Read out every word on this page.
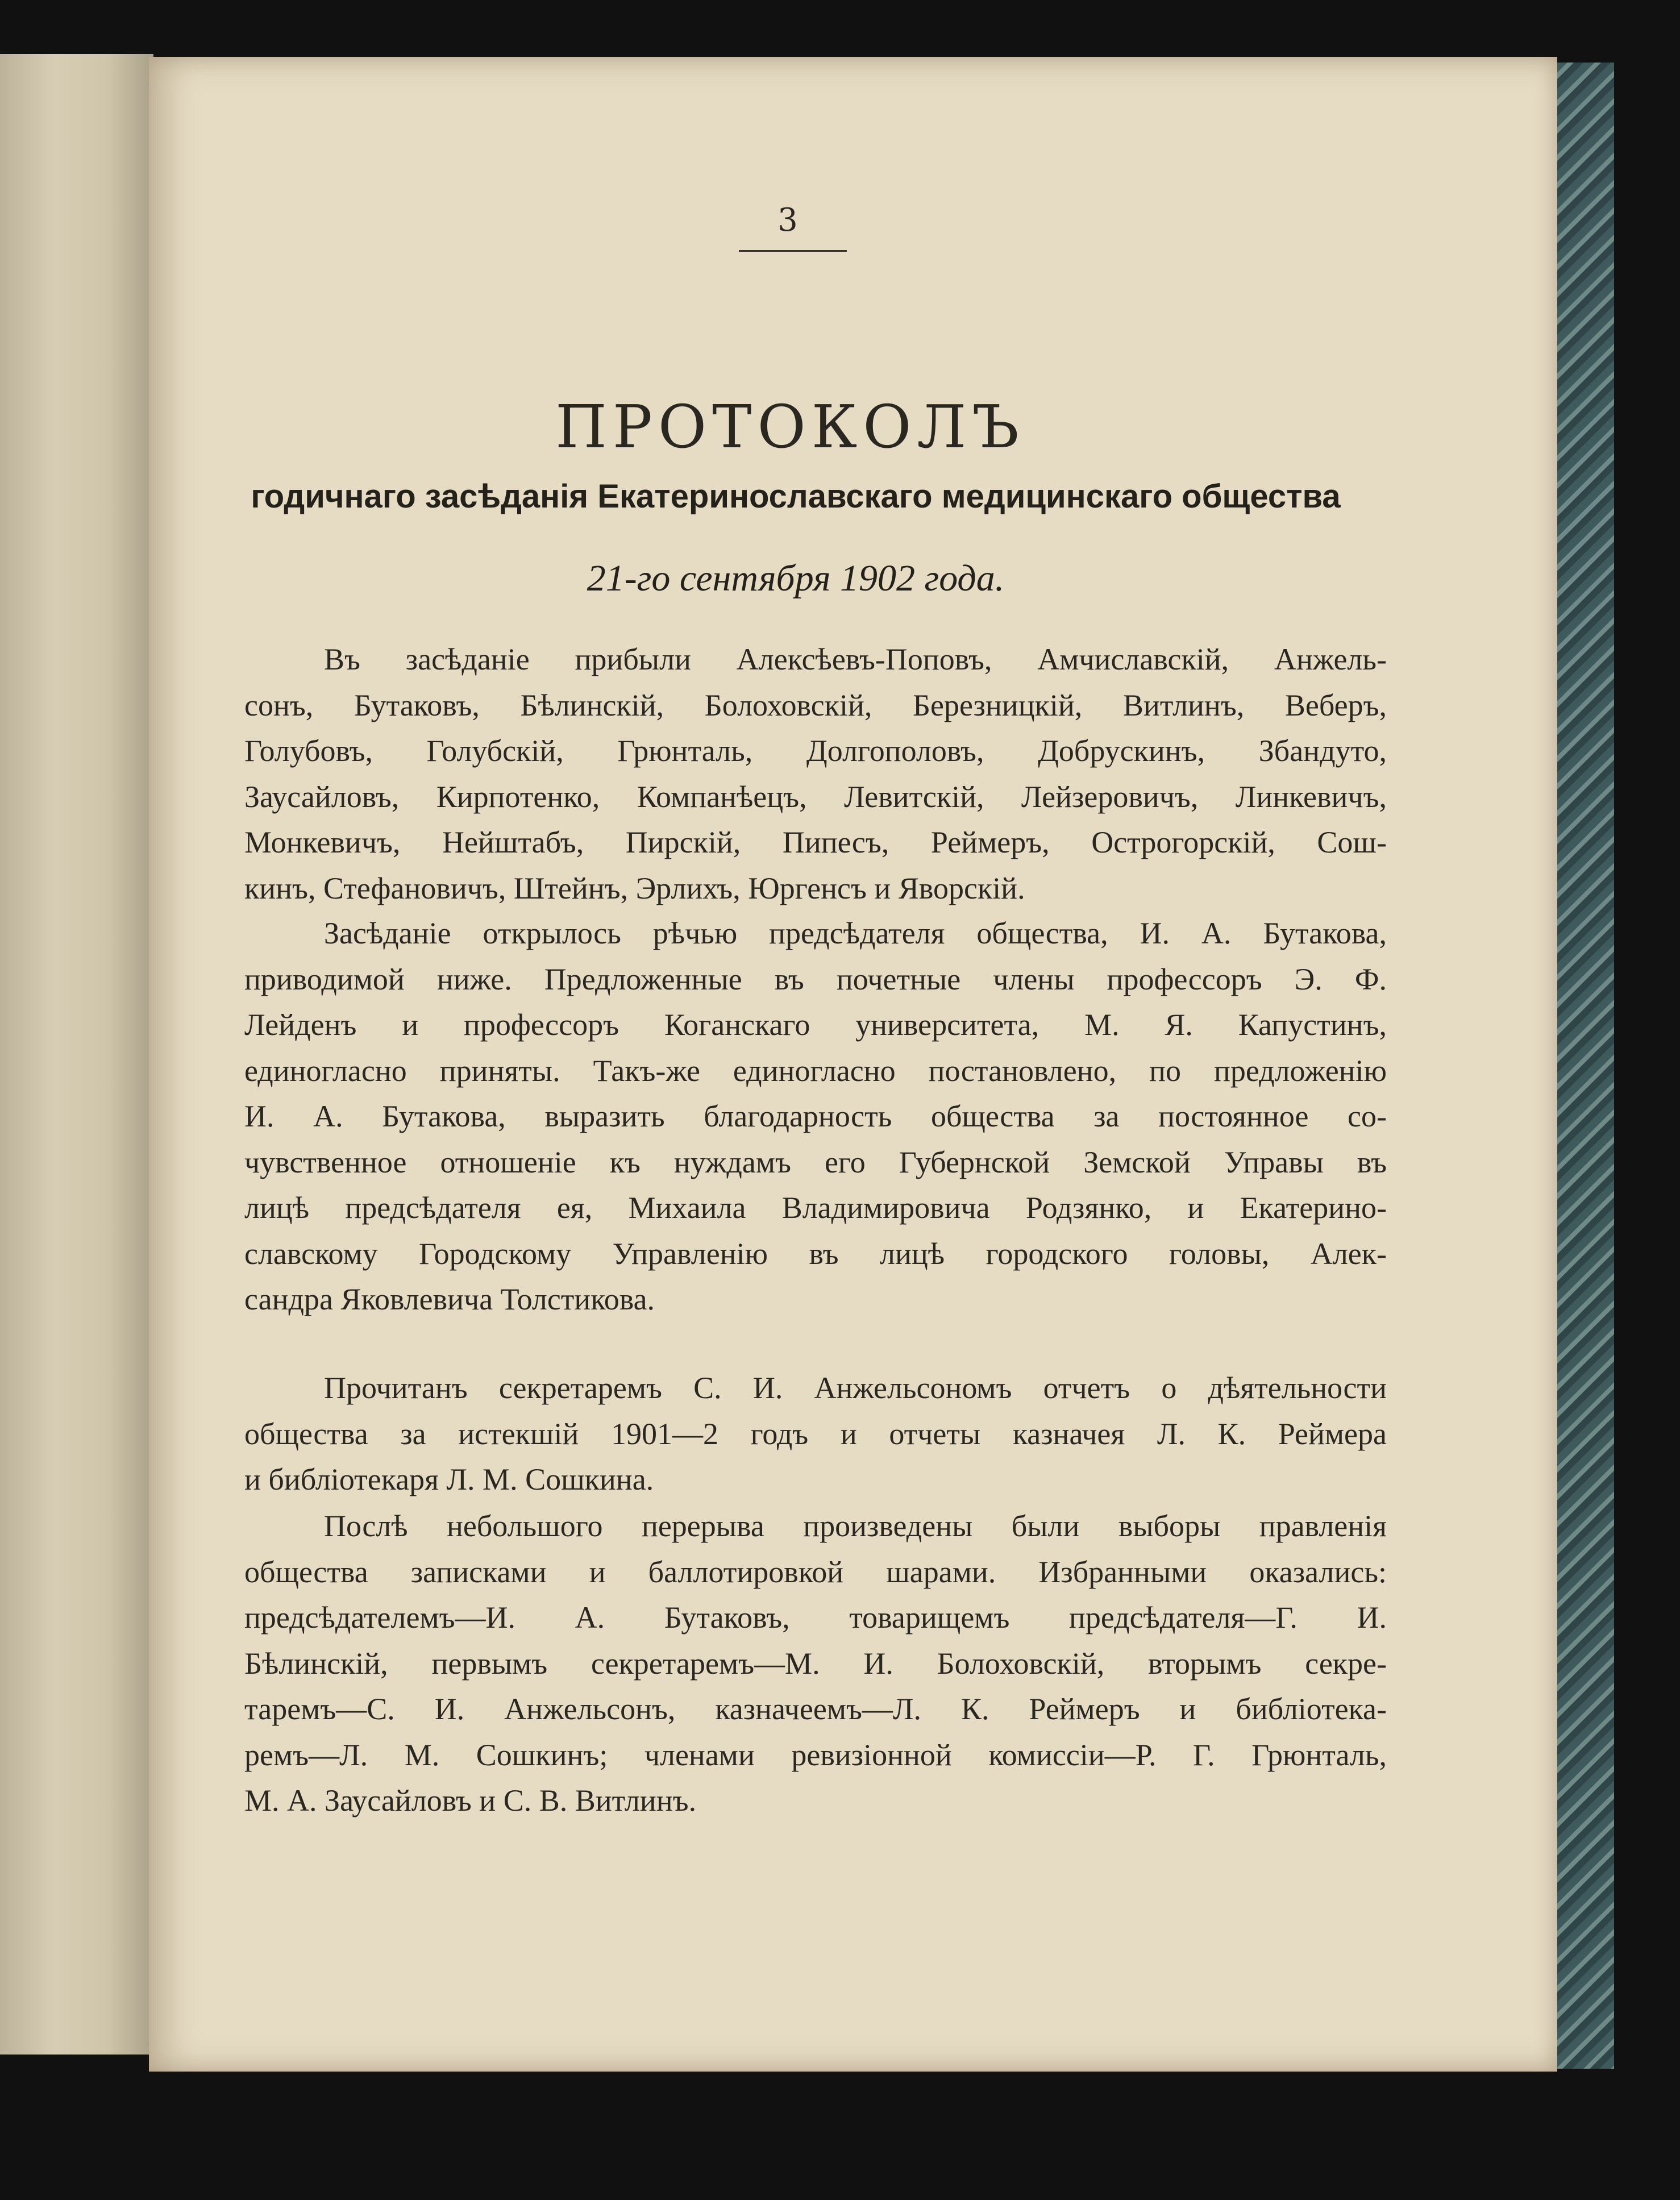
3
ПРОТОКОЛЪ
годичнаго засѣданія Екатеринославскаго медицинскаго общества
21-го сентября 1902 года.
Въ засѣданіе прибыли Алексѣевъ-Поповъ, Амчиславскій, Анжель-
сонъ, Бутаковъ, Бѣлинскій, Болоховскій, Березницкій, Витлинъ, Веберъ,
Голубовъ, Голубскій, Грюнталь, Долгополовъ, Добрускинъ, Збандуто,
Заусайловъ, Кирпотенко, Компанѣецъ, Левитскій, Лейзеровичъ, Линкевичъ,
Монкевичъ, Нейштабъ, Пирскій, Пипесъ, Реймеръ, Острогорскій, Сош-
кинъ, Стефановичъ, Штейнъ, Эрлихъ, Юргенсъ и Яворскій.
Засѣданіе открылось рѣчью предсѣдателя общества, И. А. Бутакова,
приводимой ниже. Предложенные въ почетные члены профессоръ Э. Ф.
Лейденъ и профессоръ Коганскаго университета, М. Я. Капустинъ,
единогласно приняты. Такъ-же единогласно постановлено, по предложенію
И. А. Бутакова, выразить благодарность общества за постоянное со-
чувственное отношеніе къ нуждамъ его Губернской Земской Управы въ
лицѣ предсѣдателя ея, Михаила Владимировича Родзянко, и Екатерино-
славскому Городскому Управленію въ лицѣ городского головы, Алек-
сандра Яковлевича Толстикова.
Прочитанъ секретаремъ С. И. Анжельсономъ отчетъ о дѣятельности
общества за истекшій 1901—2 годъ и отчеты казначея Л. К. Реймера
и библіотекаря Л. М. Сошкина.
Послѣ небольшого перерыва произведены были выборы правленія
общества записками и баллотировкой шарами. Избранными оказались:
предсѣдателемъ—И. А. Бутаковъ, товарищемъ предсѣдателя—Г. И.
Бѣлинскій, первымъ секретаремъ—М. И. Болоховскій, вторымъ секре-
таремъ—С. И. Анжельсонъ, казначеемъ—Л. К. Реймеръ и библіотека-
ремъ—Л. М. Сошкинъ; членами ревизіонной комиссіи—Р. Г. Грюнталь,
М. А. Заусайловъ и С. В. Витлинъ.
